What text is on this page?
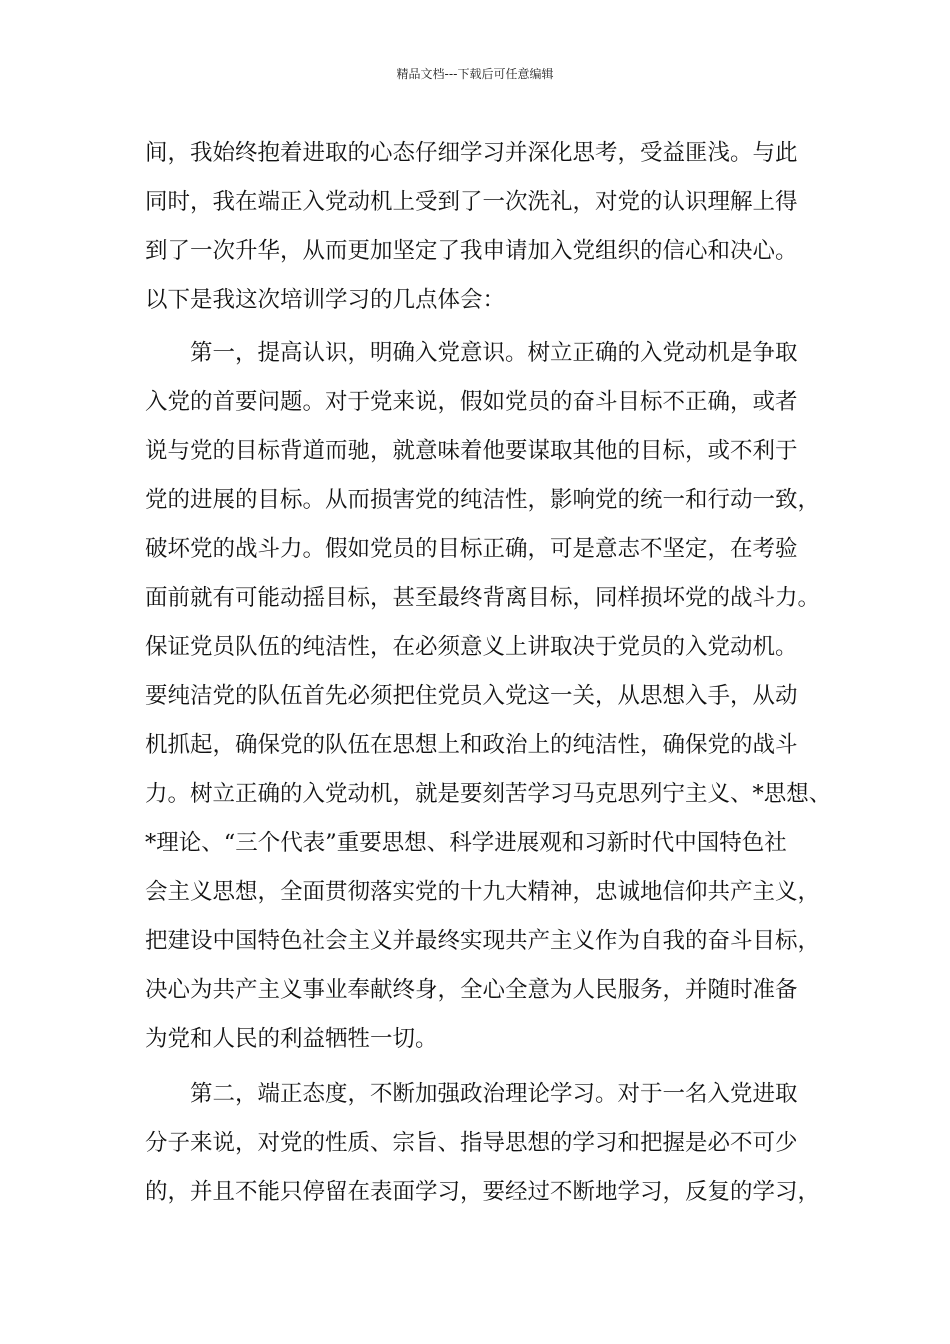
精品文档---下载后可任意编辑
间，我始终抱着进取的心态仔细学习并深化思考，受益匪浅。与此
同时，我在端正入党动机上受到了一次洗礼，对党的认识理解上得
到了一次升华，从而更加坚定了我申请加入党组织的信心和决心。
以下是我这次培训学习的几点体会：
第一，提高认识，明确入党意识。树立正确的入党动机是争取
入党的首要问题。对于党来说，假如党员的奋斗目标不正确，或者
说与党的目标背道而驰，就意味着他要谋取其他的目标，或不利于
党的进展的目标。从而损害党的纯洁性，影响党的统一和行动一致，
破坏党的战斗力。假如党员的目标正确，可是意志不坚定，在考验
面前就有可能动摇目标，甚至最终背离目标，同样损坏党的战斗力。
保证党员队伍的纯洁性，在必须意义上讲取决于党员的入党动机。
要纯洁党的队伍首先必须把住党员入党这一关，从思想入手，从动
机抓起，确保党的队伍在思想上和政治上的纯洁性，确保党的战斗
力。树立正确的入党动机，就是要刻苦学习马克思列宁主义、*思想、
*理论、“三个代表”重要思想、科学进展观和习新时代中国特色社
会主义思想，全面贯彻落实党的十九大精神，忠诚地信仰共产主义，
把建设中国特色社会主义并最终实现共产主义作为自我的奋斗目标，
决心为共产主义事业奉献终身，全心全意为人民服务，并随时准备
为党和人民的利益牺牲一切。
第二，端正态度，不断加强政治理论学习。对于一名入党进取
分子来说，对党的性质、宗旨、指导思想的学习和把握是必不可少
的，并且不能只停留在表面学习，要经过不断地学习，反复的学习，
